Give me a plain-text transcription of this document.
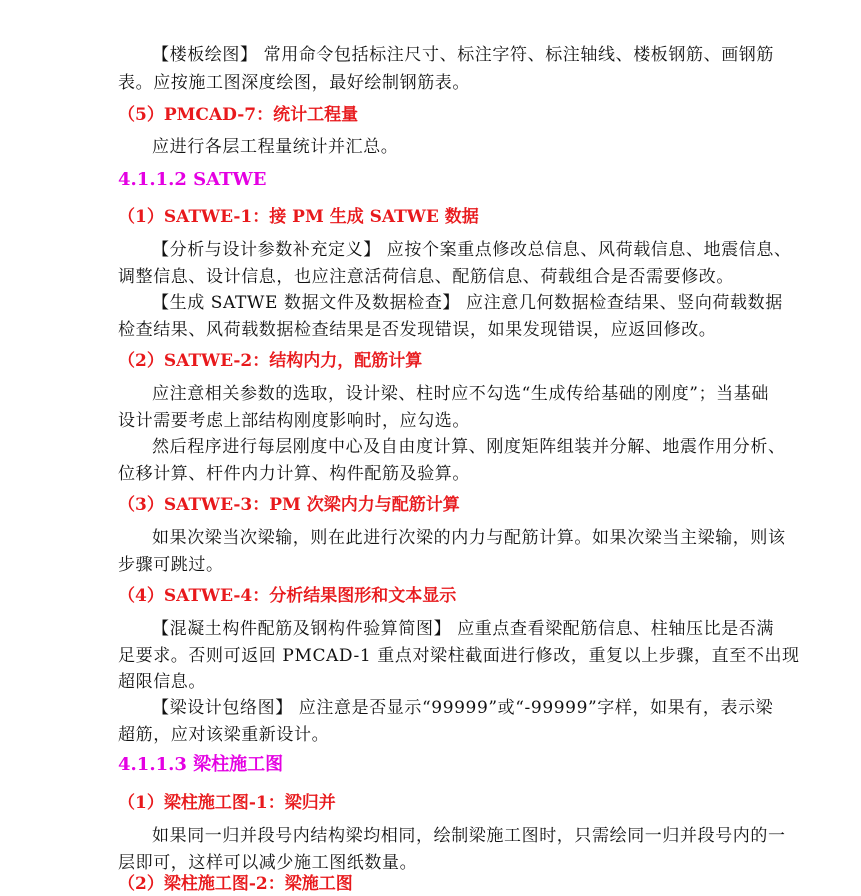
【楼板绘图】 常用命令包括标注尺寸、标注字符、标注轴线、楼板钢筋、画钢筋
表。应按施工图深度绘图，最好绘制钢筋表。
（5）PMCAD-7：统计工程量
应进行各层工程量统计并汇总。
4.1.1.2 SATWE
（1）SATWE-1：接 PM 生成 SATWE 数据
【分析与设计参数补充定义】 应按个案重点修改总信息、风荷载信息、地震信息、
调整信息、设计信息，也应注意活荷信息、配筋信息、荷载组合是否需要修改。
【生成 SATWE 数据文件及数据检查】 应注意几何数据检查结果、竖向荷载数据
检查结果、风荷载数据检查结果是否发现错误，如果发现错误，应返回修改。
（2）SATWE-2：结构内力，配筋计算
应注意相关参数的选取，设计梁、柱时应不勾选“生成传给基础的刚度”；当基础
设计需要考虑上部结构刚度影响时，应勾选。
然后程序进行每层刚度中心及自由度计算、刚度矩阵组装并分解、地震作用分析、
位移计算、杆件内力计算、构件配筋及验算。
（3）SATWE-3：PM 次梁内力与配筋计算
如果次梁当次梁输，则在此进行次梁的内力与配筋计算。如果次梁当主梁输，则该
步骤可跳过。
（4）SATWE-4：分析结果图形和文本显示
【混凝土构件配筋及钢构件验算简图】 应重点查看梁配筋信息、柱轴压比是否满
足要求。否则可返回 PMCAD-1 重点对梁柱截面进行修改，重复以上步骤，直至不出现
超限信息。
【梁设计包络图】 应注意是否显示“99999”或“-99999”字样，如果有，表示梁
超筋，应对该梁重新设计。
4.1.1.3 梁柱施工图
（1）梁柱施工图-1：梁归并
如果同一归并段号内结构梁均相同，绘制梁施工图时，只需绘同一归并段号内的一
层即可，这样可以减少施工图纸数量。
（2）梁柱施工图-2：梁施工图
